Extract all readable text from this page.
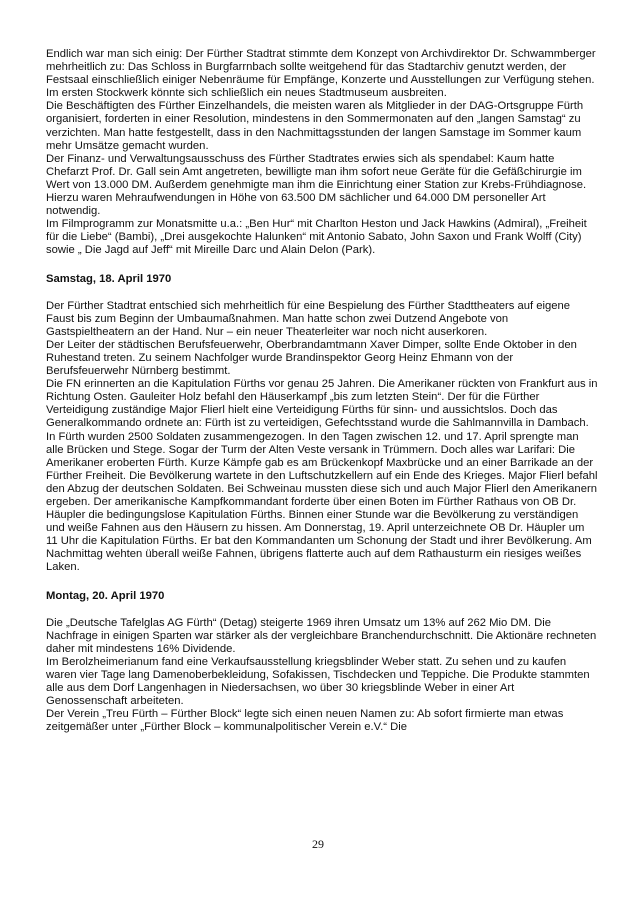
Endlich war man sich einig: Der Fürther Stadtrat stimmte dem Konzept von Archivdirektor Dr. Schwammberger mehrheitlich zu: Das Schloss in Burgfarrnbach sollte weitgehend für das Stadtarchiv genutzt werden, der Festsaal einschließlich einiger Nebenräume für Empfänge, Konzerte und Ausstellungen zur Verfügung stehen. Im ersten Stockwerk könnte sich schließlich ein neues Stadtmuseum ausbreiten.

Die Beschäftigten des Fürther Einzelhandels, die meisten waren als Mitglieder in der DAG-Ortsgruppe Fürth organisiert, forderten in einer Resolution, mindestens in den Sommermonaten auf den „langen Samstag“ zu verzichten. Man hatte festgestellt, dass in den Nachmittagsstunden der langen Samstage im Sommer kaum mehr Umsätze gemacht wurden.

Der Finanz- und Verwaltungsausschuss des Fürther Stadtrates erwies sich als spendabel: Kaum hatte Chefarzt Prof. Dr. Gall sein Amt angetreten, bewilligte man ihm sofort neue Geräte für die Gefäßchirurgie im Wert von 13.000 DM. Außerdem genehmigte man ihm die Einrichtung einer Station zur Krebs-Frühdiagnose. Hierzu waren Mehraufwendungen in Höhe von 63.500 DM sächlicher und 64.000 DM personeller Art notwendig.

Im Filmprogramm zur Monatsmitte u.a.: „Ben Hur“ mit Charlton Heston und Jack Hawkins (Admiral), „Freiheit für die Liebe“ (Bambi), „Drei ausgekochte Halunken“ mit Antonio Sabato, John Saxon und Frank Wolff (City) sowie „ Die Jagd auf Jeff“ mit Mireille Darc und Alain Delon (Park).

Samstag, 18. April 1970

Der Fürther Stadtrat entschied sich mehrheitlich für eine Bespielung des Fürther Stadttheaters auf eigene Faust bis zum Beginn der Umbaumaßnahmen. Man hatte schon zwei Dutzend Angebote von Gastspieltheatern an der Hand. Nur – ein neuer Theaterleiter war noch nicht auserkoren.

Der Leiter der städtischen Berufsfeuerwehr, Oberbrandamtmann Xaver Dimper, sollte Ende Oktober in den Ruhestand treten. Zu seinem Nachfolger wurde Brandinspektor Georg Heinz Ehmann von der Berufsfeuerwehr Nürnberg bestimmt.

Die FN erinnerten an die Kapitulation Fürths vor genau 25 Jahren. Die Amerikaner rückten von Frankfurt aus in Richtung Osten. Gauleiter Holz befahl den Häuserkampf „bis zum letzten Stein“. Der für die Fürther Verteidigung zuständige Major Flierl hielt eine Verteidigung Fürths für sinn- und aussichtslos. Doch das Generalkommando ordnete an: Fürth ist zu verteidigen, Gefechtsstand wurde die Sahlmannvilla in Dambach. In Fürth wurden 2500 Soldaten zusammengezogen. In den Tagen zwischen 12. und 17. April sprengte man alle Brücken und Stege. Sogar der Turm der Alten Veste versank in Trümmern. Doch alles war Larifari: Die Amerikaner eroberten Fürth. Kurze Kämpfe gab es am Brückenkopf Maxbrücke und an einer Barrikade an der Fürther Freiheit. Die Bevölkerung wartete in den Luftschutzkellern auf ein Ende des Krieges. Major Flierl befahl den Abzug der deutschen Soldaten. Bei Schweinau mussten diese sich und auch Major Flierl den Amerikanern ergeben. Der amerikanische Kampfkommandant forderte über einen Boten im Fürther Rathaus von OB Dr. Häupler die bedingungslose Kapitulation Fürths. Binnen einer Stunde war die Bevölkerung zu verständigen und weiße Fahnen aus den Häusern zu hissen. Am Donnerstag, 19. April unterzeichnete OB Dr. Häupler um 11 Uhr die Kapitulation Fürths. Er bat den Kommandanten um Schonung der Stadt und ihrer Bevölkerung. Am Nachmittag wehten überall weiße Fahnen, übrigens flatterte auch auf dem Rathausturm ein riesiges weißes Laken.

Montag, 20. April 1970

Die „Deutsche Tafelglas AG Fürth“ (Detag) steigerte 1969 ihren Umsatz um 13% auf 262 Mio DM. Die Nachfrage in einigen Sparten war stärker als der vergleichbare Branchendurchschnitt. Die Aktionäre rechneten daher mit mindestens 16% Dividende.

Im Berolzheimerianum fand eine Verkaufsausstellung kriegsblinder Weber statt. Zu sehen und zu kaufen waren vier Tage lang Damenoberbekleidung, Sofakissen, Tischdecken und Teppiche. Die Produkte stammten alle aus dem Dorf Langenhagen in Niedersachsen, wo über 30 kriegsblinde Weber in einer Art Genossenschaft arbeiteten.

Der Verein „Treu Fürth – Fürther Block“ legte sich einen neuen Namen zu: Ab sofort firmierte man etwas zeitgemäßer unter „Fürther Block – kommunalpolitischer Verein e.V.“ Die

29
